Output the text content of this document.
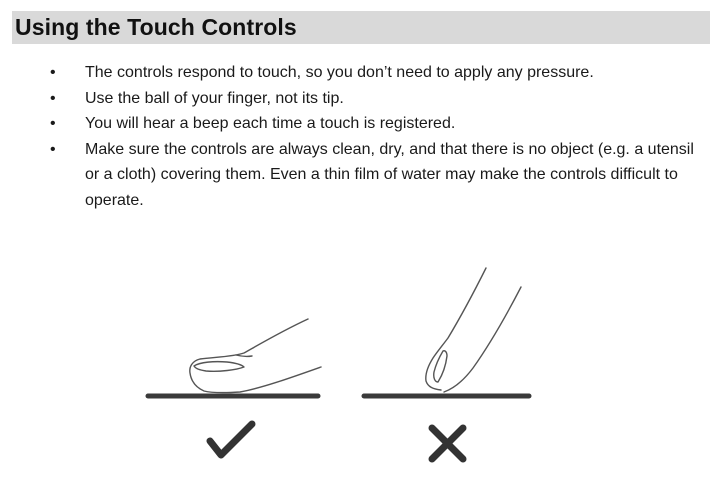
Using the Touch Controls
• The controls respond to touch, so you don’t need to apply any pressure.
• Use the ball of your finger, not its tip.
• You will hear a beep each time a touch is registered.
• Make sure the controls are always clean, dry, and that there is no object (e.g. a utensil or a cloth) covering them. Even a thin film of water may make the controls difficult to operate.
